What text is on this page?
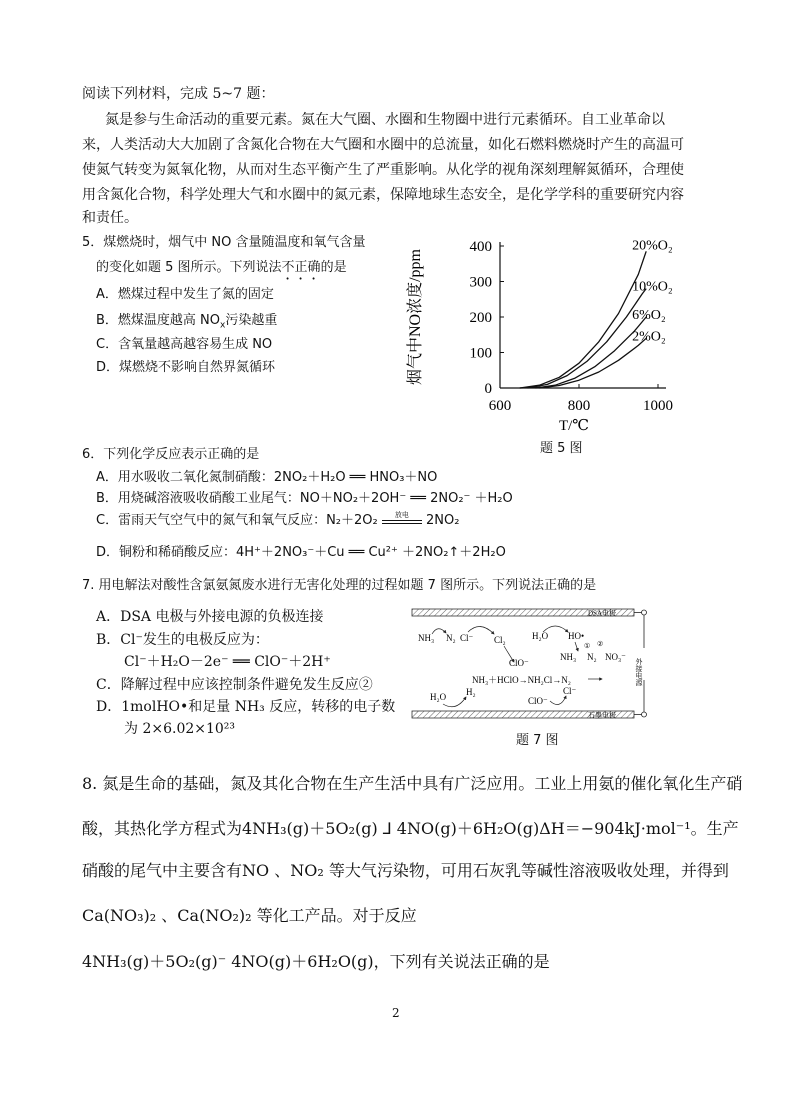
阅读下列材料，完成 5~7 题：
氮是参与生命活动的重要元素。氮在大气圈、水圈和生物圈中进行元素循环。自工业革命以
来，人类活动大大加剧了含氮化合物在大气圈和水圈中的总流量，如化石燃料燃烧时产生的高温可
使氮气转变为氮氧化物，从而对生态平衡产生了严重影响。从化学的视角深刻理解氮循环，合理使
用含氮化合物，科学处理大气和水圈中的氮元素，保障地球生态安全，是化学学科的重要研究内容
和责任。
5．煤燃烧时，烟气中 NO 含量随温度和氧气含量
的变化如题 5 图所示。下列说法不正确的是
A．燃煤过程中发生了氮的固定
B．燃煤温度越高 $NO_x$污染越重
C．含氧量越高越容易生成 NO
D．煤燃烧不影响自然界氮循环
0
100
200
300
400
600	800	1000
T/℃
烟气中NO浓度/ppm
20%O₂
10%O₂
6%O₂
2%O₂
题 5 图
6．下列化学反应表示正确的是
A．用水吸收二氧化氮制硝酸：2NO₂＋H₂O ══ HNO₃＋NO
B．用烧碱溶液吸收硝酸工业尾气：NO＋NO₂＋2OH⁻ ══ 2NO₂⁻ ＋H₂O
C．雷雨天气空气中的氮气和氧气反应：N₂＋2O₂	放电	2NO₂
D．铜粉和稀硝酸反应：4H⁺＋2NO₃⁻＋Cu ══ Cu²⁺ ＋2NO₂↑＋2H₂O
7. 用电解法对酸性含氯氨氮废水进行无害化处理的过程如题 7 图所示。下列说法正确的是
A．DSA 电极与外接电源的负极连接
B．Cl⁻发生的电极反应为：
Cl⁻＋H₂O－2e⁻ ══ ClO⁻＋2H⁺
C．降解过程中应该控制条件避免发生反应②
D．1molHO•和足量 NH₃ 反应，转移的电子数
为 2×6.02×10²³
DSA电极
石墨电极
外接电源
NH₃ N₂ Cl⁻ Cl₂	H₂O HO•
①
NH₃ N₂ NO₃⁻
②
ClO⁻
NH₃＋HClO→NH₂Cl→N₂
H₂O H₂
ClO⁻
Cl⁻
题 7 图
8. 氮是生命的基础，氮及其化合物在生产生活中具有广泛应用。工业上用氨的催化氧化生产硝
酸，其热化学方程式为4NH₃(g)＋5O₂(g) ⅃ 4NO(g)＋6H₂O(g)ΔH＝−904kJ·mol⁻¹。生产
硝酸的尾气中主要含有NO 、NO₂ 等大气污染物，可用石灰乳等碱性溶液吸收处理，并得到
Ca(NO₃)₂ 、Ca(NO₂)₂ 等化工产品。对于反应
4NH₃(g)＋5O₂(g)⁻ 4NO(g)＋6H₂O(g)，下列有关说法正确的是
2
